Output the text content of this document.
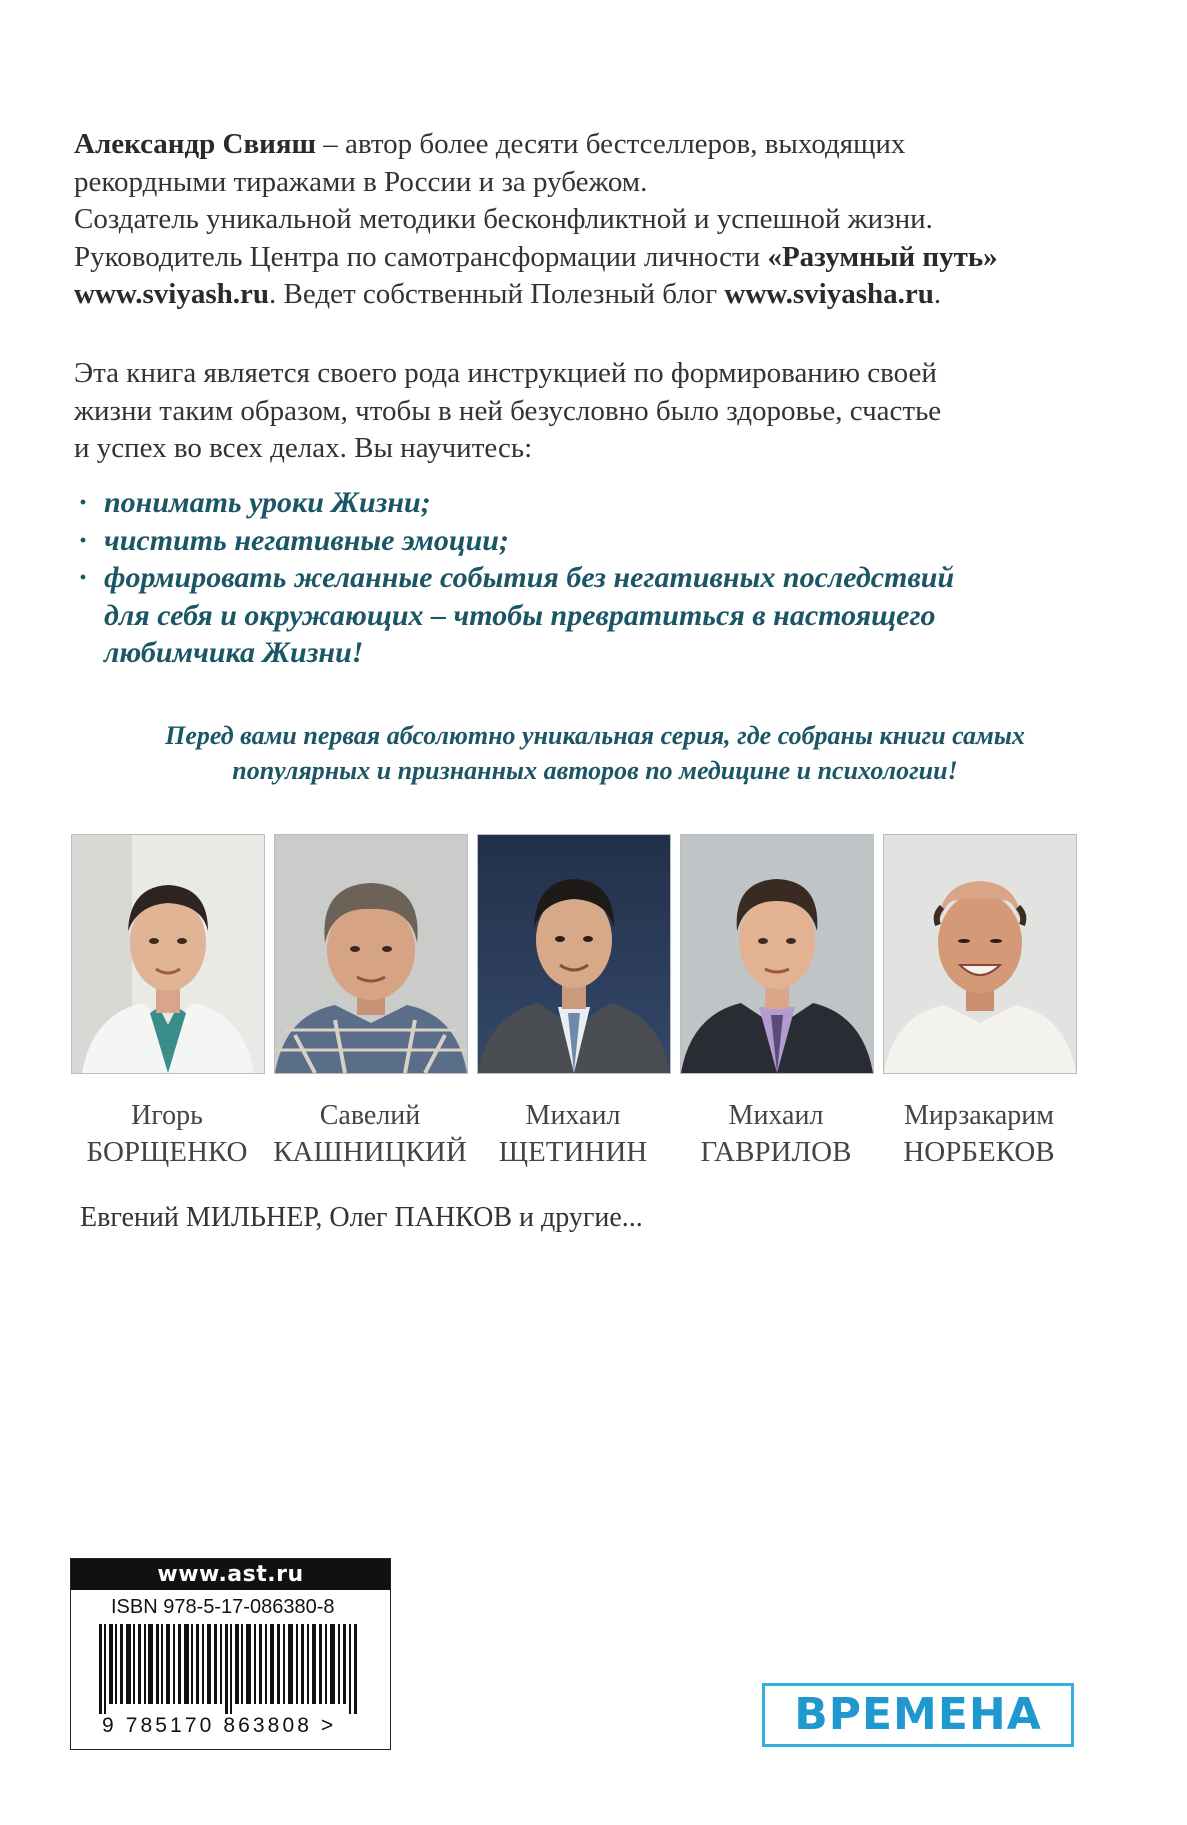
Александр Свияш – автор более десяти бестселлеров, выходящих
рекордными тиражами в России и за рубежом.
Создатель уникальной методики бесконфликтной и успешной жизни.
Руководитель Центра по самотрансформации личности «Разумный путь»
www.sviyash.ru. Ведет собственный Полезный блог www.sviyasha.ru.
Эта книга является своего рода инструкцией по формированию своей
жизни таким образом, чтобы в ней безусловно было здоровье, счастье
и успех во всех делах. Вы научитесь:
· понимать уроки Жизни;
· чистить негативные эмоции;
· формировать желанные события без негативных последствий
для себя и окружающих – чтобы превратиться в настоящего
любимчика Жизни!
Перед вами первая абсолютно уникальная серия, где собраны книги самых
популярных и признанных авторов по медицине и психологии!
Игорь
БОРЩЕНКО
Савелий
КАШНИЦКИЙ
Михаил
ЩЕТИНИН
Михаил
ГАВРИЛОВ
Мирзакарим
НОРБЕКОВ
Евгений МИЛЬНЕР, Олег ПАНКОВ и другие...
www.ast.ru
ISBN 978-5-17-086380-8
9 785170 863808 >	ВРЕМЕНА
